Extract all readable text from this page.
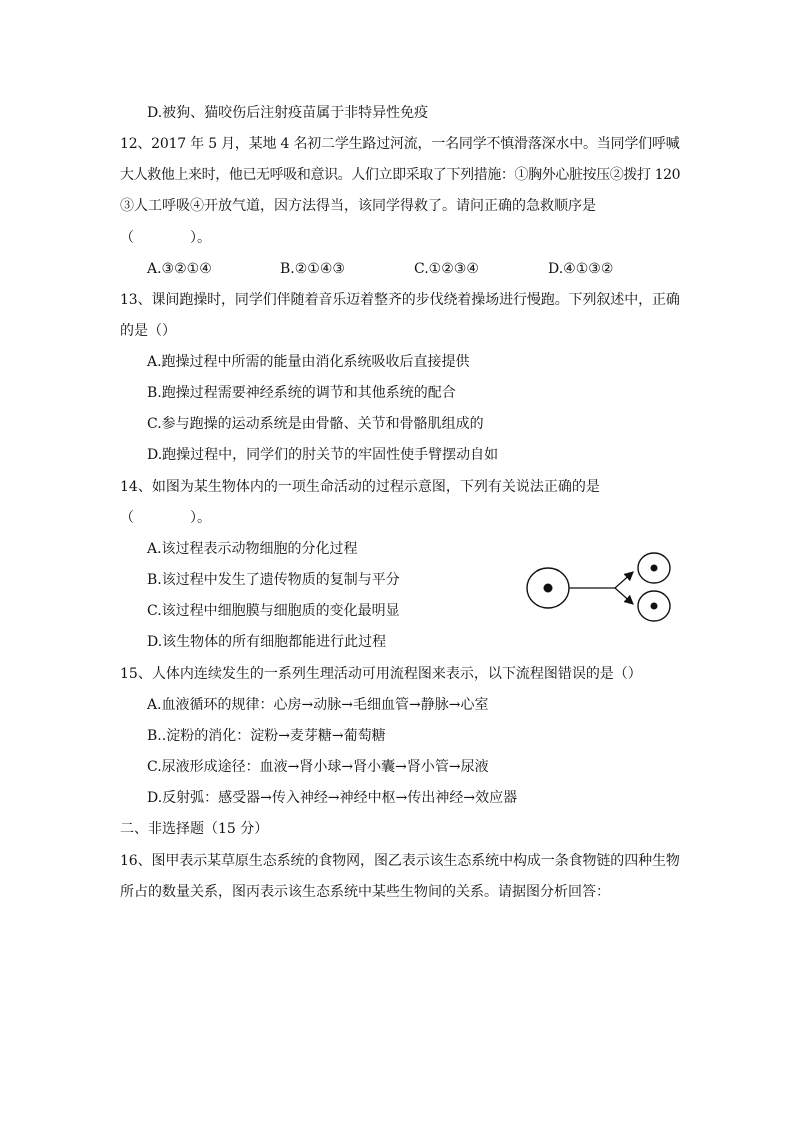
D.被狗、猫咬伤后注射疫苗属于非特异性免疫
12、2017 年 5 月，某地 4 名初二学生路过河流，一名同学不慎滑落深水中。当同学们呼喊
大人救他上来时，他已无呼吸和意识。人们立即采取了下列措施：①胸外心脏按压②拨打 120
③人工呼吸④开放气道，因方法得当，该同学得救了。请问正确的急救顺序是
（　　　　）。
A.③②①④	B.②①④③	C.①②③④	D.④①③②
13、课间跑操时，同学们伴随着音乐迈着整齐的步伐绕着操场进行慢跑。下列叙述中，正确
的是（）
A.跑操过程中所需的能量由消化系统吸收后直接提供
B.跑操过程需要神经系统的调节和其他系统的配合
C.参与跑操的运动系统是由骨骼、关节和骨骼肌组成的
D.跑操过程中，同学们的肘关节的牢固性使手臂摆动自如
14、如图为某生物体内的一项生命活动的过程示意图，下列有关说法正确的是
（　　　　）。
A.该过程表示动物细胞的分化过程
B.该过程中发生了遗传物质的复制与平分
C.该过程中细胞膜与细胞质的变化最明显
D.该生物体的所有细胞都能进行此过程
15、人体内连续发生的一系列生理活动可用流程图来表示，以下流程图错误的是（）
A.血液循环的规律：心房→动脉→毛细血管→静脉→心室
B..淀粉的消化：淀粉→麦芽糖→葡萄糖
C.尿液形成途径：血液→肾小球→肾小囊→肾小管→尿液
D.反射弧：感受器→传入神经→神经中枢→传出神经→效应器
二、非选择题（15 分）
16、图甲表示某草原生态系统的食物网，图乙表示该生态系统中构成一条食物链的四种生物
所占的数量关系，图丙表示该生态系统中某些生物间的关系。请据图分析回答：
